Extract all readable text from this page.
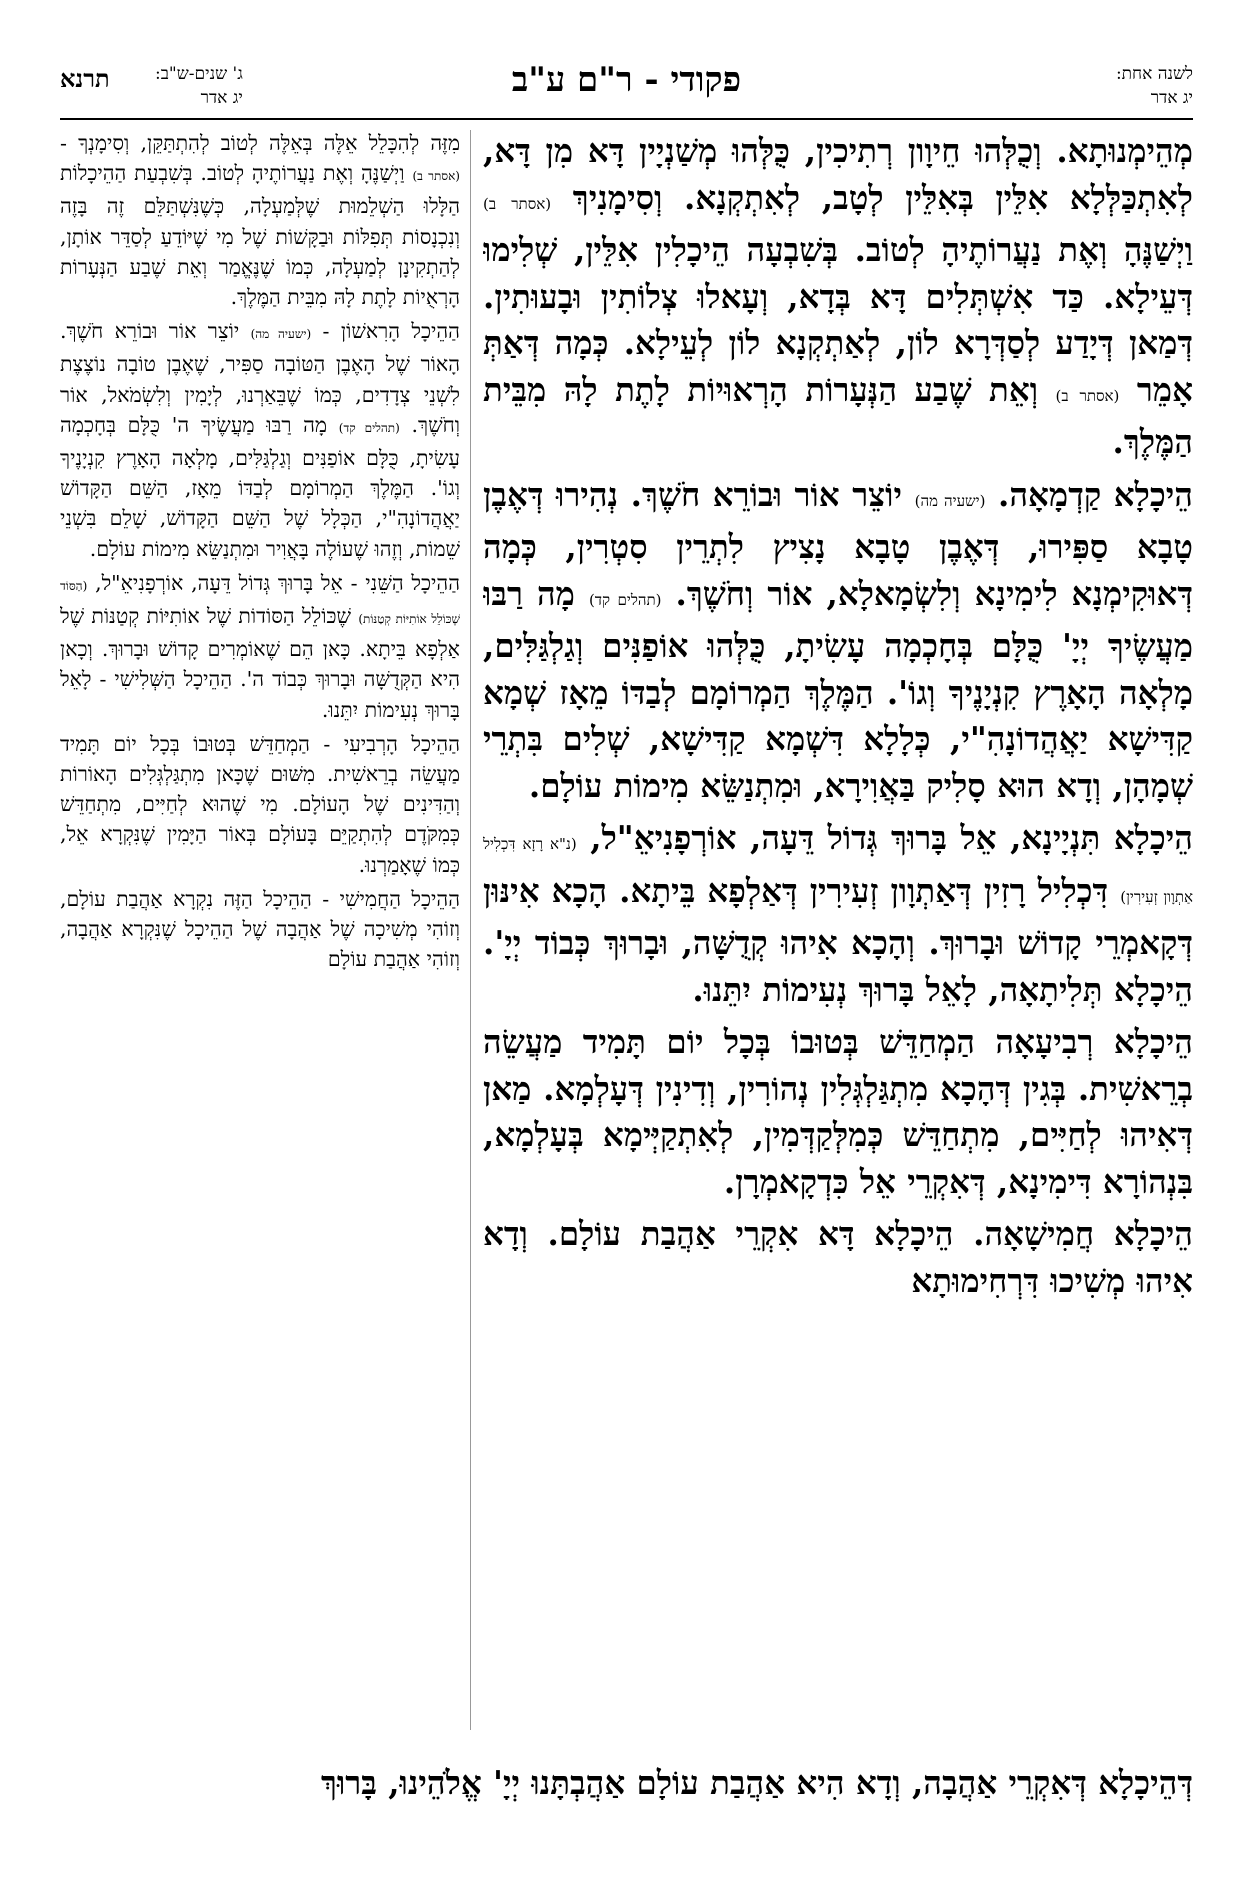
לשנה אחת:
יג אדר
פקודי - ר"ם ע"ב
ג' שנים-ש"ב:
יג אדר
תרנא

מְהֵימְנוּתָא. וְכֻלְּהוּ חֵיוָון רְתִיכִין, כֻּלְּהוּ מְשַׁנְיָין דָּא מִן דָּא, לְאִתְכַּלְּלָא אִלֵּין בְּאִלֵּין לְטָב, לְאִתְקְנָא. וְסִימָנִיךְ (אסתר ב) וַיְשַׁנֶּהָ וְאֶת נַעֲרוֹתֶיהָ לְטוֹב. בְּשִׁבְעָה הֵיכָלִין אִלֵּין, שְׁלִימוּ דְּעֵילָא. כַּד אִשְׁתְּלִים דָּא בְּדָא, וְעָאלוּ צְלוֹתִין וּבָעוּתִין. דְּמַאן דְּיָדַע לְסַדְּרָא לוֹן, לְאַתְקְנָא לוֹן לְעֵילָא. כְּמָה דְּאַתְּ אָמֵר (אסתר ב) וְאֵת שֶׁבַע הַנְּעָרוֹת הָרְאוּיוֹת לָתֶת לָהּ מִבֵּית הַמֶּלֶךְ.

הֵיכָלָא קַדְמָאָה. (ישעיה מה) יוֹצֵר אוֹר וּבוֹרֵא חֹשֶׁךְ. נְהִירוּ דְּאֶבֶן טָבָא סַפִּירוּ, דְּאֶבֶן טָבָא נָצִיץ לִתְרֵין סִטְרִין, כְּמָה דְּאוּקִימְנָא לִימִינָא וְלִשְׂמָאלָא, אוֹר וְחֹשֶׁךְ. (תהלים קד) מָה רַבּוּ מַעֲשֶׂיךָ יְיָ' כֻּלָּם בְּחָכְמָה עָשִׂיתָ, כֻּלְּהוּ אוֹפַנִּים וְגַלְגַּלִּים, מָלְאָה הָאָרֶץ קִנְיָנֶיךָ וְגוֹ'. הַמֶּלֶךְ הַמְרוֹמָם לְבַדּוֹ מֵאָז שְׁמָא קַדִּישָׁא יַאֲהֲדוֹנָהִ"י, כְּלָלָא דִּשְׁמָא קַדִּישָׁא, שְׁלִים בִּתְרֵי שְׁמָהָן, וְדָא הוּא סָלִיק בַּאֲוִירָא, וּמִתְנַשֵּׂא מִימוֹת עוֹלָם.

הֵיכָלָא תִּנְיָינָא, אֵל בָּרוּךְ גְּדוֹל דֵּעָה, אוֹרְפָנִיאֵ"ל, (נ"א רָזָא דִּכְלִיל אַתְוָון זְעִירִין) דִּכְלִיל רָזִין דְּאַתְוָון זְעִירִין דְּאַלְפָא בֵּיתָא. הָכָא אִינּוּן דְּקָאמְרֵי קָדוֹשׁ וּבָרוּךְ. וְהָכָא אִיהוּ קְדֻשָּׁה, וּבָרוּךְ כְּבוֹד יְיָ'. הֵיכָלָא תְּלִיתָאָה, לָאֵל בָּרוּךְ נְעִימוֹת יִתֵּנוּ.

הֵיכָלָא רְבִיעָאָה הַמְחַדֵּשׁ בְּטוּבוֹ בְּכָל יוֹם תָּמִיד מַעֲשֵׂה בְרֵאשִׁית. בְּגִין דְּהָכָא מִתְגַּלְגְּלִין נְהוֹרִין, וְדִינִין דְּעָלְמָא. מַאן דְּאִיהוּ לְחַיִּים, מִתְחַדֵּשׁ כְּמִלְּקַדְּמִין, לְאִתְקַיְּימָא בְּעָלְמָא, בִּנְהוֹרָא דִּימִינָא, דְּאִקְרֵי אֵל כִּדְקָאמְרָן.

הֵיכָלָא חֲמִישָׁאָה. הֵיכָלָא דָּא אִקְרֵי אַהֲבַת עוֹלָם. וְדָא אִיהוּ מְשִׁיכוּ דִּרְחִימוּתָא

מִזֶּה לְהִכָּלֵל אֵלֶּה בְּאֵלֶּה לְטוֹב לְהִתְתַּקֵּן, וְסִימָנְךָ - (אסתר ב) וַיְשַׁנֶּהָ וְאֶת נַעֲרוֹתֶיהָ לְטוֹב. בְּשִׁבְעַת הַהֵיכָלוֹת הַלָּלוּ הַשְׁלֵמוּת שֶׁלְּמַעְלָה, כְּשֶׁנִּשְׁתַּלֵּם זֶה בָּזֶה וְנִכְנָסוֹת תְּפִלּוֹת וּבַקָּשׁוֹת שֶׁל מִי שֶׁיּוֹדֵעַ לְסַדֵּר אוֹתָן, לְהַתְקִינָן לְמַעְלָה, כְּמוֹ שֶׁנֶּאֱמַר וְאֵת שֶׁבַע הַנְּעָרוֹת הָרְאֻיוֹת לָתֶת לָהּ מִבֵּית הַמֶּלֶךְ.

הַהֵיכָל הָרִאשׁוֹן - (ישעיה מה) יוֹצֵר אוֹר וּבוֹרֵא חֹשֶׁךְ. הָאוֹר שֶׁל הָאֶבֶן הַטּוֹבָה סַפִּיר, שֶׁאֶבֶן טוֹבָה נוֹצֶצֶת לִשְׁנֵי צְדָדִים, כְּמוֹ שֶׁבֵּאַרְנוּ, לְיָמִין וְלִשְׂמֹאל, אוֹר וְחֹשֶׁךְ. (תהלים קד) מָה רַבּוּ מַעֲשֶׂיךָ ה' כֻּלָּם בְּחָכְמָה עָשִׂיתָ, כֻּלָּם אוֹפַנִּים וְגַלְגַּלִּים, מָלְאָה הָאָרֶץ קִנְיָנֶיךָ וְגוֹ'. הַמֶּלֶךְ הַמְרוֹמָם לְבַדּוֹ מֵאָז, הַשֵּׁם הַקָּדוֹשׁ יַאֲהֲדוֹנָהִ"י, הַכְּלָל שֶׁל הַשֵּׁם הַקָּדוֹשׁ, שָׁלֵם בִּשְׁנֵי שֵׁמוֹת, וְזֶהוּ שֶׁעוֹלֶה בָּאֲוִיר וּמִתְנַשֵּׂא מִימוֹת עוֹלָם.

הַהֵיכָל הַשֵּׁנִי - אֵל בָּרוּךְ גְּדוֹל דֵּעָה, אוֹרְפָנִיאֵ"ל, (הַסּוֹד שֶׁכּוֹלֵל אוֹתִיּוֹת קְטַנּוֹת) שֶׁכּוֹלֵל הַסּוֹדוֹת שֶׁל אוֹתִיּוֹת קְטַנּוֹת שֶׁל אַלְפָא בֵּיתָא. כָּאן הֵם שֶׁאוֹמְרִים קָדוֹשׁ וּבָרוּךְ. וְכָאן הִיא הַקְּדֻשָּׁה וּבָרוּךְ כְּבוֹד ה'. הַהֵיכָל הַשְּׁלִישִׁי - לָאֵל בָּרוּךְ נְעִימוֹת יִתֵּנוּ.

הַהֵיכָל הָרְבִיעִי - הַמְחַדֵּשׁ בְּטוּבוֹ בְּכָל יוֹם תָּמִיד מַעֲשֵׂה בְרֵאשִׁית. מִשּׁוּם שֶׁכָּאן מִתְגַּלְגְּלִים הָאוֹרוֹת וְהַדִּינִים שֶׁל הָעוֹלָם. מִי שֶׁהוּא לְחַיִּים, מִתְחַדֵּשׁ כְּמִקֹּדֶם לְהִתְקַיֵּם בָּעוֹלָם בְּאוֹר הַיָּמִין שֶׁנִּקְרָא אֵל, כְּמוֹ שֶׁאָמַרְנוּ.

הַהֵיכָל הַחֲמִישִׁי - הַהֵיכָל הַזֶּה נִקְרָא אַהֲבַת עוֹלָם, וְזוֹהִי מְשִׁיכָה שֶׁל אַהֲבָה שֶׁל הַהֵיכָל שֶׁנִּקְרָא אַהֲבָה, וְזוֹהִי אַהֲבַת עוֹלָם

דְּהֵיכָלָא דְּאִקְרֵי אַהֲבָה, וְדָא הִיא אַהֲבַת עוֹלָם אַהֲבְתָּנוּ יְיָ' אֱלֹהֵינוּ, בָּרוּךְ
